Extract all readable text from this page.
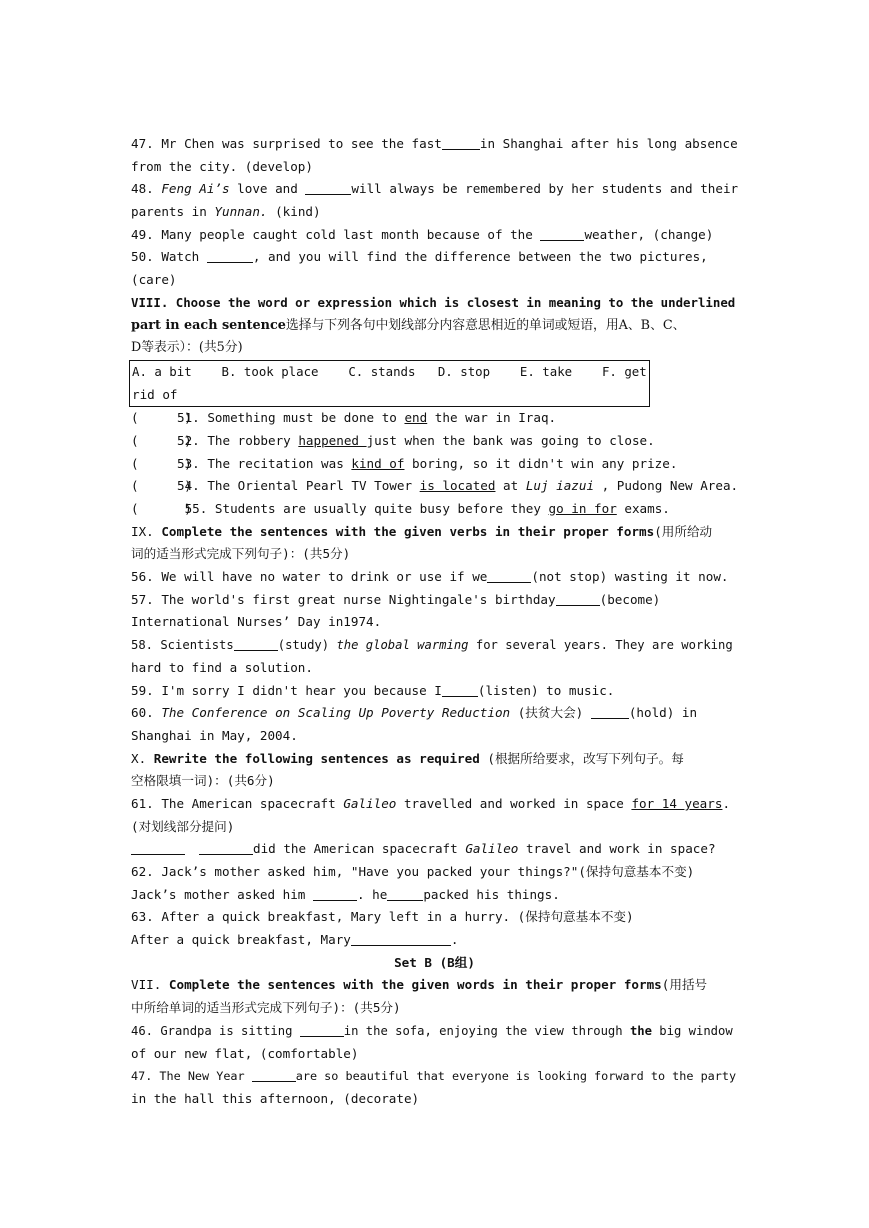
47. Mr Chen was surprised to see the fast	in Shanghai after his long absence
from the city. (develop)
48. Feng Ai’s love and	will always be remembered by her students and their
parents in Yunnan. (kind)
49. Many people caught cold last month because of the	weather, (change)
50. Watch	, and you will find the difference between the two pictures,
(care)
VIII. Choose the word or expression which is closest in meaning to the underlined
part in each sentence选择与下列各句中划线部分内容意思相近的单词或短语，用A、B、C、
D等表示）：(共5分)
A. a bit    B. took place    C. stands   D. stop    E. take    F. get
rid of
(      )51. Something must be done to end the war in Iraq.
(      )52. The robbery happened just when the bank was going to close.
(      )53. The recitation was kind of boring, so it didn't win any prize.
(      )54. The Oriental Pearl TV Tower is located at Luj iazui , Pudong New Area.
(      ) 55. Students are usually quite busy before they go in for exams.
IX. Complete the sentences with the given verbs in their proper forms(用所给动
词的适当形式完成下列句子)：(共5分)
56. We will have no water to drink or use if we	(not stop) wasting it now.
57. The world's first great nurse Nightingale's birthday	(become)
International Nurses’ Day in1974.
58. Scientists	(study) the global warming for several years. They are working
hard to find a solution.
59. I'm sorry I didn't hear you because I	(listen) to music.
60. The Conference on Scaling Up Poverty Reduction (扶贫大会)	(hold) in
Shanghai in May, 2004.
X. Rewrite the following sentences as required (根据所给要求，改写下列句子。每
空格限填一词)：(共6分)
61. The American spacecraft Galileo travelled and worked in space for 14 years.
(对划线部分提问)
did the American spacecraft Galileo travel and work in space?
62. Jack’s mother asked him, "Have you packed your things?"(保持句意基本不变)
Jack’s mother asked him	. he	packed his things.
63. After a quick breakfast, Mary left in a hurry. (保持句意基本不变)
After a quick breakfast, Mary	.
Set B (B组)
VII. Complete the sentences with the given words in their proper forms(用括号
中所给单词的适当形式完成下列句子)：(共5分)
46. Grandpa is sitting	in the sofa, enjoying the view through the big window
of our new flat, (comfortable)
47. The New Year	are so beautiful that everyone is looking forward to the party
in the hall this afternoon, (decorate)
